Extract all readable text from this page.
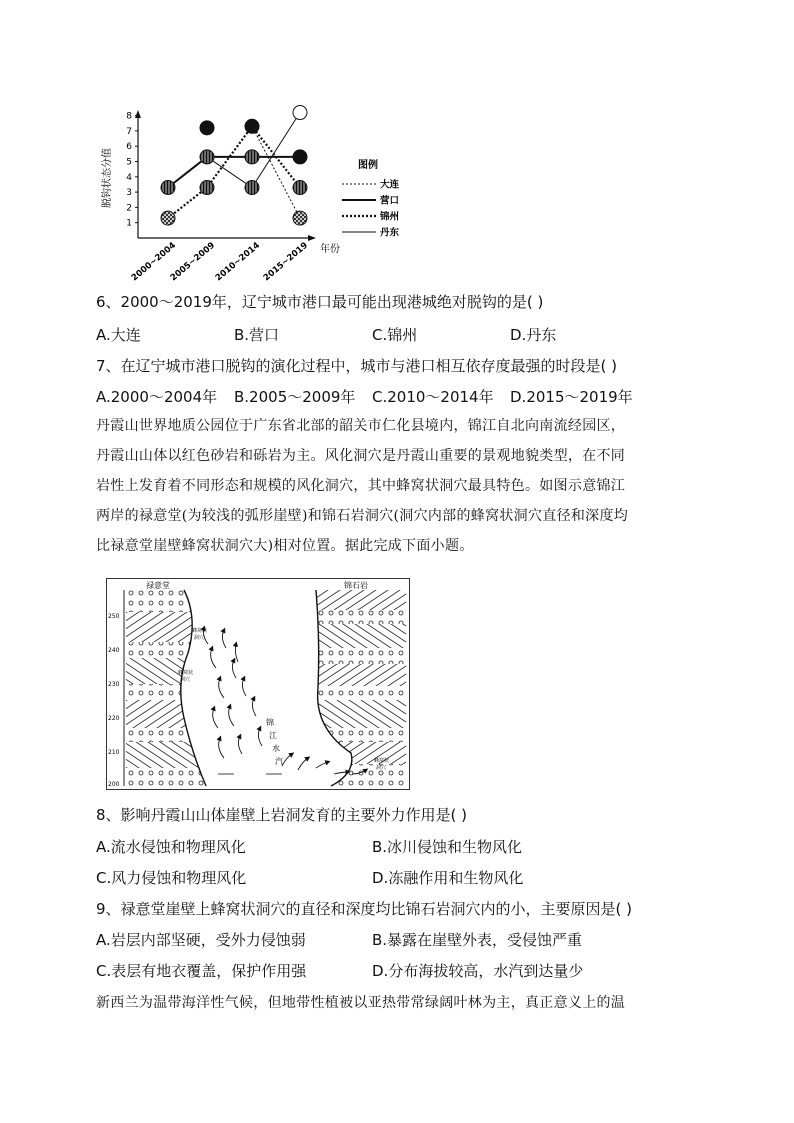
1
2
3
4
5
6
7
8
2000~2004
2005~2009
2010~2014 2015~2019
脱钩状态分值
年份
图例
大连
营口
锦州
丹东
6、2000～2019年，辽宁城市港口最可能出现港城绝对脱钩的是( )
A.大连	B.营口	C.锦州	D.丹东
7、在辽宁城市港口脱钩的演化过程中，城市与港口相互依存度最强的时段是( )
A.2000～2004年 B.2005～2009年 C.2010～2014年 D.2015～2019年
丹霞山世界地质公园位于广东省北部的韶关市仁化县境内，锦江自北向南流经园区，
丹霞山山体以红色砂岩和砾岩为主。风化洞穴是丹霞山重要的景观地貌类型，在不同
岩性上发育着不同形态和规模的风化洞穴，其中蜂窝状洞穴最具特色。如图示意锦江
两岸的禄意堂(为较浅的弧形崖壁)和锦石岩洞穴(洞穴内部的蜂窝状洞穴直径和深度均
比禄意堂崖壁蜂窝状洞穴大)相对位置。据此完成下面小题。
禄意堂	锦石岩
250
240
230
220
210
200
蜂窝状
洞穴
蜂窝状
洞穴
蜂窝状
洞穴
锦
江
水
汽
8、影响丹霞山山体崖壁上岩洞发育的主要外力作用是( )
A.流水侵蚀和物理风化	B.冰川侵蚀和生物风化
C.风力侵蚀和物理风化	D.冻融作用和生物风化
9、禄意堂崖壁上蜂窝状洞穴的直径和深度均比锦石岩洞穴内的小，主要原因是( )
A.岩层内部坚硬，受外力侵蚀弱	B.暴露在崖壁外表，受侵蚀严重
C.表层有地衣覆盖，保护作用强	D.分布海拔较高，水汽到达量少
新西兰为温带海洋性气候，但地带性植被以亚热带常绿阔叶林为主，真正意义上的温
